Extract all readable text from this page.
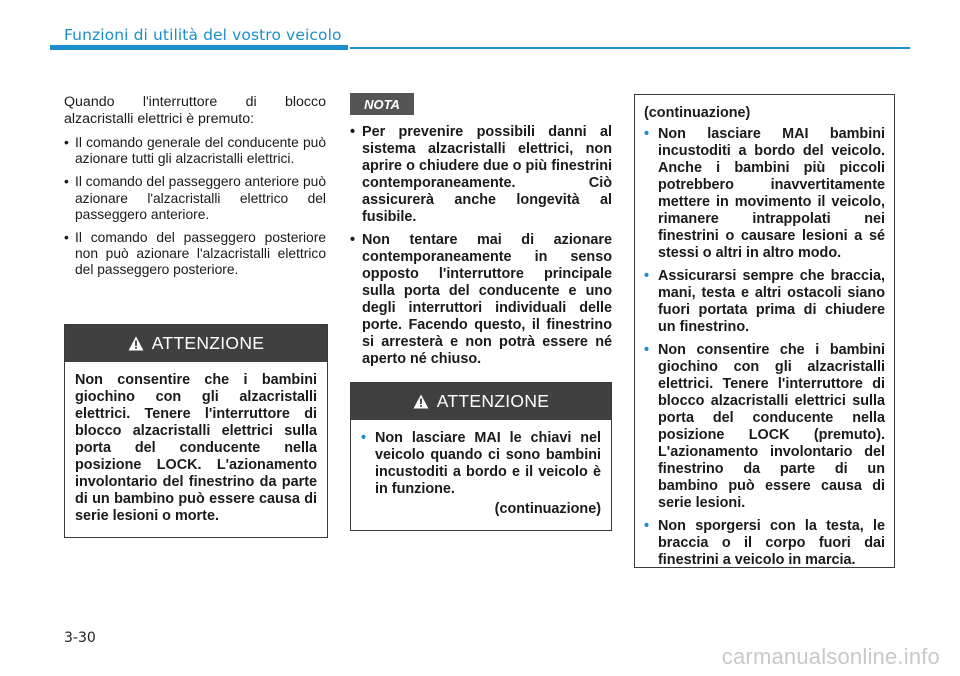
Funzioni di utilità del vostro veicolo

Quando l'interruttore di blocco alzacristalli elettrici è premuto:

• Il comando generale del conducente può azionare tutti gli alzacristalli elettrici.
• Il comando del passeggero anteriore può azionare l'alzacristalli elettrico del passeggero anteriore.
• Il comando del passeggero posteriore non può azionare l'alzacristalli elettrico del passeggero posteriore.
ATTENZIONE

Non consentire che i bambini giochino con gli alzacristalli elettrici. Tenere l'interruttore di blocco alzacristalli elettrici sulla porta del conducente nella posizione LOCK. L'azionamento involontario del finestrino da parte di un bambino può essere causa di serie lesioni o morte.

NOTA
• Per prevenire possibili danni al sistema alzacristalli elettrici, non aprire o chiudere due o più finestrini contemporaneamente. Ciò assicurerà anche longevità al fusibile.
• Non tentare mai di azionare contemporaneamente in senso opposto l'interruttore principale sulla porta del conducente e uno degli interruttori individuali delle porte. Facendo questo, il finestrino si arresterà e non potrà essere né aperto né chiuso.
ATTENZIONE
• Non lasciare MAI le chiavi nel veicolo quando ci sono bambini incustoditi a bordo e il veicolo è in funzione.
(continuazione)
(continuazione)
• Non lasciare MAI bambini incustoditi a bordo del veicolo. Anche i bambini più piccoli potrebbero inavvertitamente mettere in movimento il veicolo, rimanere intrappolati nei finestrini o causare lesioni a sé stessi o altri in altro modo.
• Assicurarsi sempre che braccia, mani, testa e altri ostacoli siano fuori portata prima di chiudere un finestrino.
• Non consentire che i bambini giochino con gli alzacristalli elettrici. Tenere l'interruttore di blocco alzacristalli elettrici sulla porta del conducente nella posizione LOCK (premuto). L'azionamento involontario del finestrino da parte di un bambino può essere causa di serie lesioni.
• Non sporgersi con la testa, le braccia o il corpo fuori dai finestrini a veicolo in marcia.
3-30
carmanualsonline.info
